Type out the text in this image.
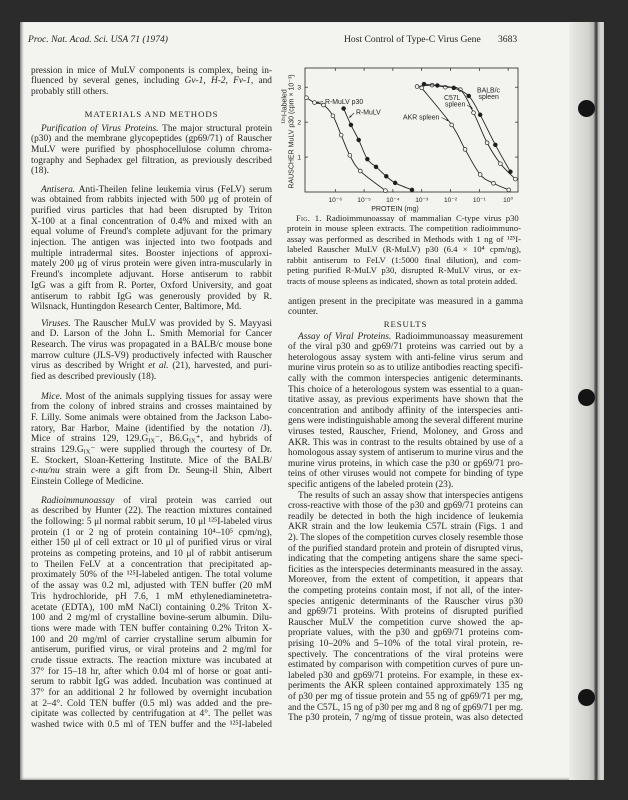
Proc. Nat. Acad. Sci. USA 71 (1974)	Host Control of Type-C Virus Gene 3683
pression in mice of MuLV components is complex, being in-
fluenced by several genes, including Gv-1, H-2, Fv-1, and
probably still others.
MATERIALS AND METHODS
Purification of Virus Proteins. The major structural protein
(p30) and the membrane glycopeptides (gp69/71) of Rauscher
MuLV were purified by phosphocellulose column chroma-
tography and Sephadex gel filtration, as previously described
(18).
Antisera. Anti-Theilen feline leukemia virus (FeLV) serum
was obtained from rabbits injected with 500 μg of protein of
purified virus particles that had been disrupted by Triton
X-100 at a final concentration of 0.4% and mixed with an
equal volume of Freund's complete adjuvant for the primary
injection. The antigen was injected into two footpads and
multiple intradermal sites. Booster injections of approxi-
mately 200 μg of virus protein were given intra-muscularly in
Freund's incomplete adjuvant. Horse antiserum to rabbit
IgG was a gift from R. Porter, Oxford University, and goat
antiserum to rabbit IgG was generously provided by R.
Wilsnack, Huntingdon Research Center, Baltimore, Md.
Viruses. The Rauscher MuLV was provided by S. Mayyasi
and D. Larson of the John L. Smith Memorial for Cancer
Research. The virus was propagated in a BALB/c mouse bone
marrow culture (JLS-V9) productively infected with Rauscher
virus as described by Wright et al. (21), harvested, and puri-
fied as described previously (18).
Mice. Most of the animals supplying tissues for assay were
from the colony of inbred strains and crosses maintained by
F. Lilly. Some animals were obtained from the Jackson Labo-
ratory, Bar Harbor, Maine (identified by the notation /J).
Mice of strains 129, $129.G_{IX}^-$, $B6.G_{IX}^+$, and hybrids of
strains $129.G_{IX}^-$ were supplied through the courtesy of Dr.
E. Stockert, Sloan-Kettering Institute. Mice of the BALB/
c-nu/nu strain were a gift from Dr. Seung-il Shin, Albert
Einstein College of Medicine.
Radioimmunoassay of viral protein was carried out
as described by Hunter (22). The reaction mixtures contained
the following: 5 μl normal rabbit serum, 10 μl ¹²⁵I-labeled virus
protein (1 or 2 ng of protein containing 10⁴–10⁵ cpm/ng),
either 150 μl of cell extract or 10 μl of purified virus or viral
proteins as competing proteins, and 10 μl of rabbit antiserum
to Theilen FeLV at a concentration that precipitated ap-
proximately 50% of the ¹²⁵I-labeled antigen. The total volume
of the assay was 0.2 ml, adjusted with TEN buffer (20 mM
Tris hydrochloride, pH 7.6, 1 mM ethylenediaminetetra-
acetate (EDTA), 100 mM NaCl) containing 0.2% Triton X-
100 and 2 mg/ml of crystalline bovine-serum albumin. Dilu-
tions were made with TEN buffer containing 0.2% Triton X-
100 and 20 mg/ml of carrier crystalline serum albumin for
antiserum, purified virus, or viral proteins and 2 mg/ml for
crude tissue extracts. The reaction mixture was incubated at
37° for 15–18 hr, after which 0.04 ml of horse or goat anti-
serum to rabbit IgG was added. Incubation was continued at
37° for an additional 2 hr followed by overnight incubation
at 2–4°. Cold TEN buffer (0.5 ml) was added and the pre-
cipitate was collected by centrifugation at 4°. The pellet was
washed twice with 0.5 ml of TEN buffer and the ¹²⁵I-labeled
10⁻⁶ 10⁻⁵ 10⁻⁴ 10⁻³ 10⁻² 10⁻¹	10⁰
1
2
3
PROTEIN (mg)
¹²⁵I-labeled RAUSCHER MuLV p30 (cpm × 10⁻³)	R-MuLV p30
R-MuLV
AKR spleen
C57L
spleen
BALB/c
spleen
Fig. 1. Radioimmunoassay of mammalian C-type virus p30
protein in mouse spleen extracts. The competition radioimmuno-
assay was performed as described in Methods with 1 ng of ¹²⁵I-
labeled Rauscher MuLV (R-MuLV) p30 (6.4 × 10⁴ cpm/ng),
rabbit antiserum to FeLV (1:5000 final dilution), and com-
peting purified R-MuLV p30, disrupted R-MuLV virus, or ex-
tracts of mouse spleens as indicated, shown as total protein added.
antigen present in the precipitate was measured in a gamma
counter.
RESULTS
Assay of Viral Proteins. Radioimmunoassay measurement
of the viral p30 and gp69/71 proteins was carried out by a
heterologous assay system with anti-feline virus serum and
murine virus protein so as to utilize antibodies reacting specifi-
cally with the common interspecies antigenic determinants.
This choice of a heterologous system was essential to a quan-
titative assay, as previous experiments have shown that the
concentration and antibody affinity of the interspecies anti-
gens were indistinguishable among the several different murine
viruses tested, Rauscher, Friend, Moloney, and Gross and
AKR. This was in contrast to the results obtained by use of a
homologous assay system of antiserum to murine virus and the
murine virus proteins, in which case the p30 or gp69/71 pro-
teins of other viruses would not compete for binding of type
specific antigens of the labeled protein (23).
The results of such an assay show that interspecies antigens
cross-reactive with those of the p30 and gp69/71 proteins can
readily be detected in both the high incidence of leukemia
AKR strain and the low leukemia C57L strain (Figs. 1 and
2). The slopes of the competition curves closely resemble those
of the purified standard protein and protein of disrupted virus,
indicating that the competing antigens share the same speci-
ficities as the interspecies determinants measured in the assay.
Moreover, from the extent of competition, it appears that
the competing proteins contain most, if not all, of the inter-
species antigenic determinants of the Rauscher virus p30
and gp69/71 proteins. With proteins of disrupted purified
Rauscher MuLV the competition curve showed the ap-
propriate values, with the p30 and gp69/71 proteins com-
prising 10–20% and 5–10% of the total viral protein, re-
spectively. The concentrations of the viral proteins were
estimated by comparison with competition curves of pure un-
labeled p30 and gp69/71 proteins. For example, in these ex-
periments the AKR spleen contained approximately 135 ng
of p30 per mg of tissue protein and 55 ng of gp69/71 per mg,
and the C57L, 15 ng of p30 per mg and 8 ng of gp69/71 per mg.
The p30 protein, 7 ng/mg of tissue protein, was also detected
